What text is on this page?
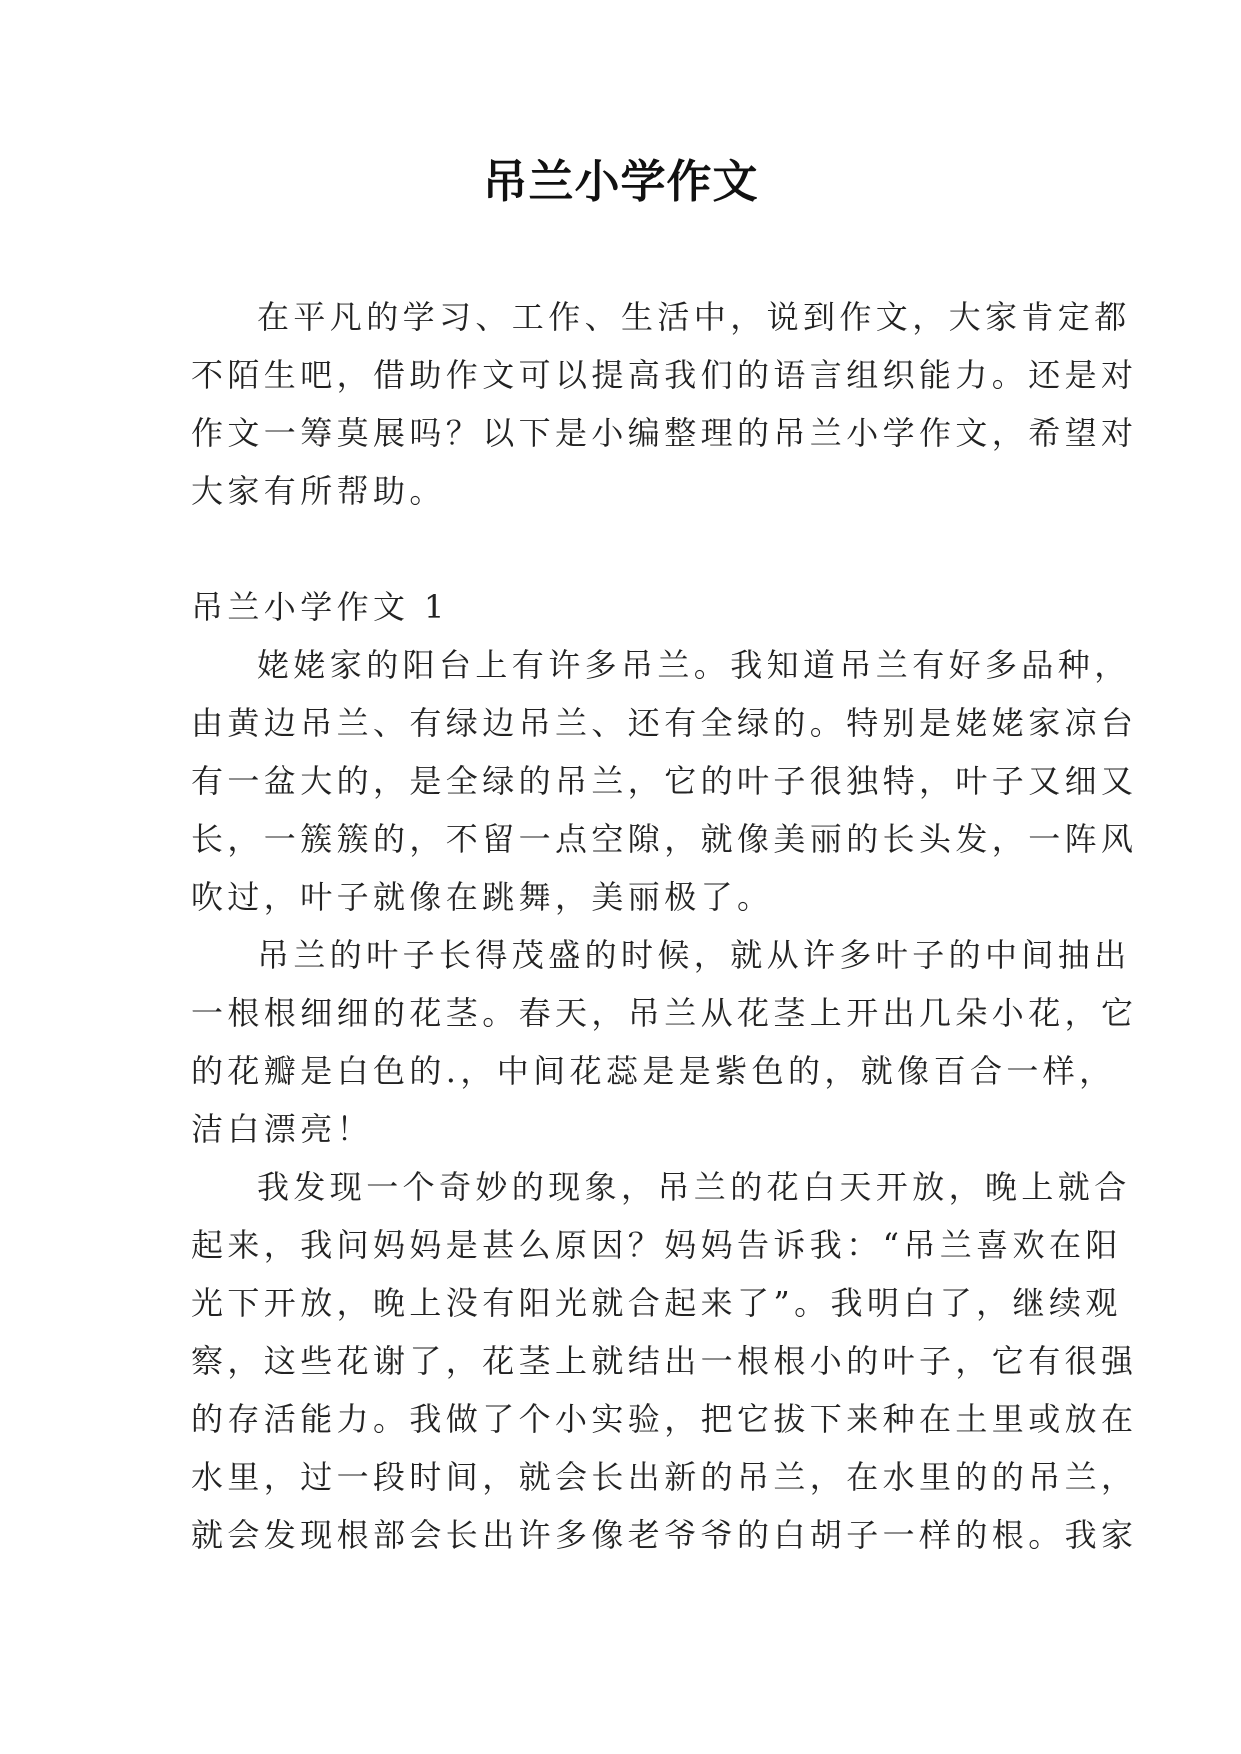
吊兰小学作文
在平凡的学习、工作、生活中，说到作文，大家肯定都
不陌生吧，借助作文可以提高我们的语言组织能力。还是对
作文一筹莫展吗？以下是小编整理的吊兰小学作文，希望对
大家有所帮助。
吊兰小学作文 1
姥姥家的阳台上有许多吊兰。我知道吊兰有好多品种，
由黄边吊兰、有绿边吊兰、还有全绿的。特别是姥姥家凉台
有一盆大的，是全绿的吊兰，它的叶子很独特，叶子又细又
长，一簇簇的，不留一点空隙，就像美丽的长头发，一阵风
吹过，叶子就像在跳舞，美丽极了。
吊兰的叶子长得茂盛的时候，就从许多叶子的中间抽出
一根根细细的花茎。春天，吊兰从花茎上开出几朵小花，它
的花瓣是白色的.，中间花蕊是是紫色的，就像百合一样，
洁白漂亮！
我发现一个奇妙的现象，吊兰的花白天开放，晚上就合
起来，我问妈妈是甚么原因？妈妈告诉我：“吊兰喜欢在阳
光下开放，晚上没有阳光就合起来了”。我明白了，继续观
察，这些花谢了，花茎上就结出一根根小的叶子，它有很强
的存活能力。我做了个小实验，把它拔下来种在土里或放在
水里，过一段时间，就会长出新的吊兰，在水里的的吊兰，
就会发现根部会长出许多像老爷爷的白胡子一样的根。我家
